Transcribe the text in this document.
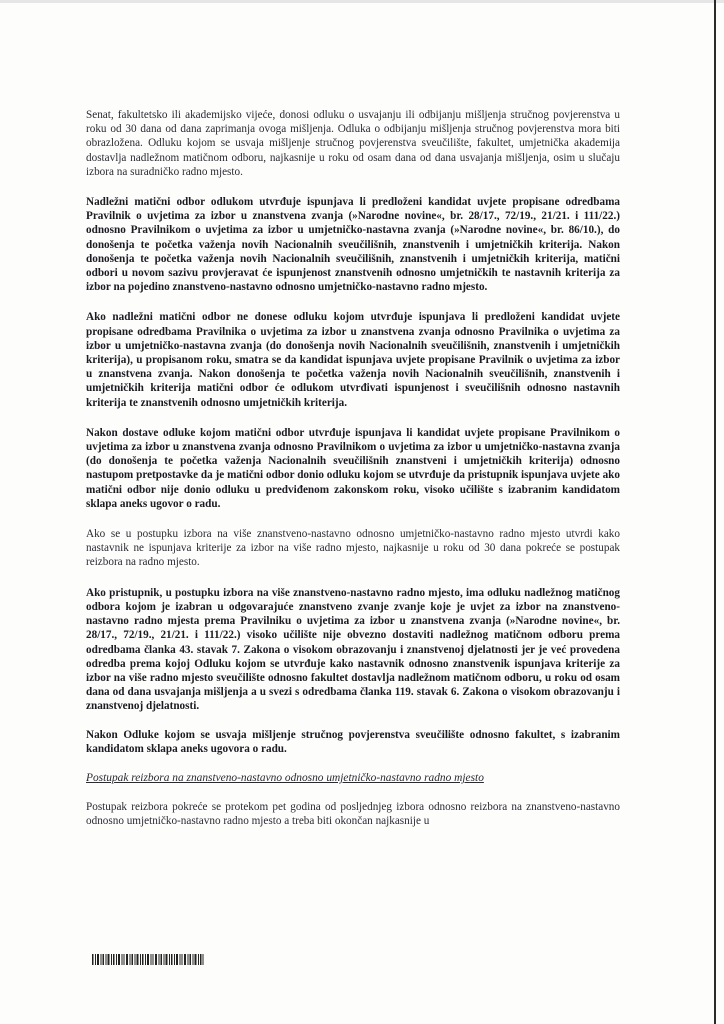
Senat, fakultetsko ili akademijsko vijeće, donosi odluku o usvajanju ili odbijanju mišljenja stručnog povjerenstva u roku od 30 dana od dana zaprimanja ovoga mišljenja. Odluka o odbijanju mišljenja stručnog povjerenstva mora biti obrazložena. Odluku kojom se usvaja mišljenje stručnog povjerenstva sveučilište, fakultet, umjetnička akademija dostavlja nadležnom matičnom odboru, najkasnije u roku od osam dana od dana usvajanja mišljenja, osim u slučaju izbora na suradničko radno mjesto.

Nadležni matični odbor odlukom utvrđuje ispunjava li predloženi kandidat uvjete propisane odredbama Pravilnik o uvjetima za izbor u znanstvena zvanja (»Narodne novine«, br. 28/17., 72/19., 21/21. i 111/22.) odnosno Pravilnikom o uvjetima za izbor u umjetničko-nastavna zvanja (»Narodne novine«, br. 86/10.), do donošenja te početka važenja novih Nacionalnih sveučilišnih, znanstvenih i umjetničkih kriterija. Nakon donošenja te početka važenja novih Nacionalnih sveučilišnih, znanstvenih i umjetničkih kriterija, matični odbori u novom sazivu provjeravat će ispunjenost znanstvenih odnosno umjetničkih te nastavnih kriterija za izbor na pojedino znanstveno-nastavno odnosno umjetničko-nastavno radno mjesto.

Ako nadležni matični odbor ne donese odluku kojom utvrđuje ispunjava li predloženi kandidat uvjete propisane odredbama Pravilnika o uvjetima za izbor u znanstvena zvanja odnosno Pravilnika o uvjetima za izbor u umjetničko-nastavna zvanja (do donošenja novih Nacionalnih sveučilišnih, znanstvenih i umjetničkih kriterija), u propisanom roku, smatra se da kandidat ispunjava uvjete propisane Pravilnik o uvjetima za izbor u znanstvena zvanja. Nakon donošenja te početka važenja novih Nacionalnih sveučilišnih, znanstvenih i umjetničkih kriterija matični odbor će odlukom utvrđivati ispunjenost i sveučilišnih odnosno nastavnih kriterija te znanstvenih odnosno umjetničkih kriterija.

Nakon dostave odluke kojom matični odbor utvrđuje ispunjava li kandidat uvjete propisane Pravilnikom o uvjetima za izbor u znanstvena zvanja odnosno Pravilnikom o uvjetima za izbor u umjetničko-nastavna zvanja (do donošenja te početka važenja Nacionalnih sveučilišnih znanstveni i umjetničkih kriterija) odnosno nastupom pretpostavke da je matični odbor donio odluku kojom se utvrđuje da pristupnik ispunjava uvjete ako matični odbor nije donio odluku u predviđenom zakonskom roku, visoko učilište s izabranim kandidatom sklapa aneks ugovor o radu.

Ako se u postupku izbora na više znanstveno-nastavno odnosno umjetničko-nastavno radno mjesto utvrdi kako nastavnik ne ispunjava kriterije za izbor na više radno mjesto, najkasnije u roku od 30 dana pokreće se postupak reizbora na radno mjesto.

Ako pristupnik, u postupku izbora na više znanstveno-nastavno radno mjesto, ima odluku nadležnog matičnog odbora kojom je izabran u odgovarajuće znanstveno zvanje zvanje koje je uvjet za izbor na znanstveno-nastavno radno mjesta prema Pravilniku o uvjetima za izbor u znanstvena zvanja (»Narodne novine«, br. 28/17., 72/19., 21/21. i 111/22.) visoko učilište nije obvezno dostaviti nadležnog matičnom odboru prema odredbama članka 43. stavak 7. Zakona o visokom obrazovanju i znanstvenoj djelatnosti jer je već provedena odredba prema kojoj Odluku kojom se utvrđuje kako nastavnik odnosno znanstvenik ispunjava kriterije za izbor na više radno mjesto sveučilište odnosno fakultet dostavlja nadležnom matičnom odboru, u roku od osam dana od dana usvajanja mišljenja a u svezi s odredbama članka 119. stavak 6. Zakona o visokom obrazovanju i znanstvenoj djelatnosti.

Nakon Odluke kojom se usvaja mišljenje stručnog povjerenstva sveučilište odnosno fakultet, s izabranim kandidatom sklapa aneks ugovora o radu.

Postupak reizbora na znanstveno-nastavno odnosno umjetničko-nastavno radno mjesto

Postupak reizbora pokreće se protekom pet godina od posljednjeg izbora odnosno reizbora na znanstveno-nastavno odnosno umjetničko-nastavno radno mjesto a treba biti okončan najkasnije u
